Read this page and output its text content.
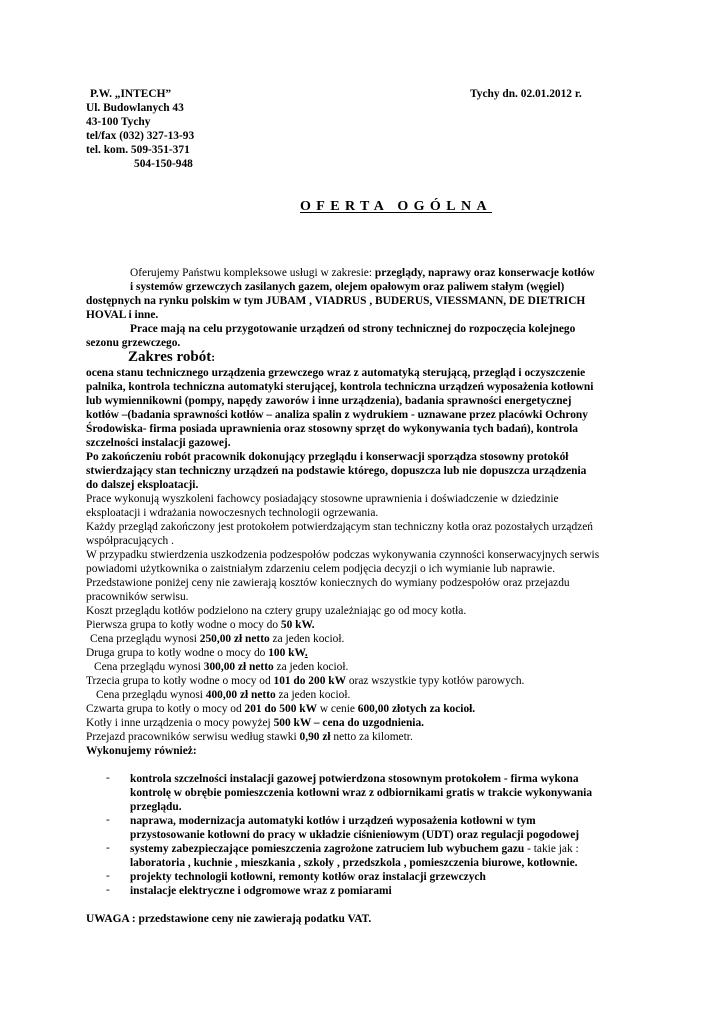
P.W. „INTECH”	Tychy dn. 02.01.2012 r.
Ul. Budowlanych 43
43-100 Tychy
tel/fax (032) 327-13-93
tel. kom. 509-351-371
504-150-948
OFERTA OGÓLNA
Oferujemy Państwu kompleksowe usługi w zakresie: przeglądy, naprawy oraz konserwacje kotłów
i systemów grzewczych zasilanych gazem, olejem opałowym oraz paliwem stałym (węgiel)
dostępnych na rynku polskim w tym JUBAM , VIADRUS , BUDERUS, VIESSMANN, DE DIETRICH
HOVAL i inne.
Prace mają na celu przygotowanie urządzeń od strony technicznej do rozpoczęcia kolejnego
sezonu grzewczego.
Zakres robót:
ocena stanu technicznego urządzenia grzewczego wraz z automatyką sterującą, przegląd i oczyszczenie
palnika, kontrola techniczna automatyki sterującej, kontrola techniczna urządzeń wyposażenia kotłowni
lub wymiennikowni (pompy, napędy zaworów i inne urządzenia), badania sprawności energetycznej
kotłów –(badania sprawności kotłów – analiza spalin z wydrukiem - uznawane przez placówki Ochrony
Środowiska- firma posiada uprawnienia oraz stosowny sprzęt do wykonywania tych badań), kontrola
szczelności instalacji gazowej.
Po zakończeniu robót pracownik dokonujący przeglądu i konserwacji sporządza stosowny protokół
stwierdzający stan techniczny urządzeń na podstawie którego, dopuszcza lub nie dopuszcza urządzenia
do dalszej eksploatacji.
Prace wykonują wyszkoleni fachowcy posiadający stosowne uprawnienia i doświadczenie w dziedzinie
eksploatacji i wdrażania nowoczesnych technologii ogrzewania.
Każdy przegląd zakończony jest protokołem potwierdzającym stan techniczny kotła oraz pozostałych urządzeń
współpracujących .
W przypadku stwierdzenia uszkodzenia podzespołów podczas wykonywania czynności konserwacyjnych serwis
powiadomi użytkownika o zaistniałym zdarzeniu celem podjęcia decyzji o ich wymianie lub naprawie.
Przedstawione poniżej ceny nie zawierają kosztów koniecznych do wymiany podzespołów oraz przejazdu
pracowników serwisu.
Koszt przeglądu kotłów podzielono na cztery grupy uzależniając go od mocy kotła.
Pierwsza grupa to kotły wodne o mocy do 50 kW.
Cena przeglądu wynosi 250,00 zł netto za jeden kocioł.
Druga grupa to kotły wodne o mocy do 100 kW.
Cena przeglądu wynosi 300,00 zł netto za jeden kocioł.
Trzecia grupa to kotły wodne o mocy od 101 do 200 kW oraz wszystkie typy kotłów parowych.
Cena przeglądu wynosi 400,00 zł netto za jeden kocioł.
Czwarta grupa to kotły o mocy od 201 do 500 kW w cenie 600,00 złotych za kocioł.
Kotły i inne urządzenia o mocy powyżej 500 kW – cena do uzgodnienia.
Przejazd pracowników serwisu według stawki 0,90 zł netto za kilometr.
Wykonujemy również:
- kontrola szczelności instalacji gazowej potwierdzona stosownym protokołem - firma wykona
kontrolę w obrębie pomieszczenia kotłowni wraz z odbiornikami gratis w trakcie wykonywania
przeglądu.
- naprawa, modernizacja automatyki kotłów i urządzeń wyposażenia kotłowni w tym
przystosowanie kotłowni do pracy w układzie ciśnieniowym (UDT) oraz regulacji pogodowej
- systemy zabezpieczające pomieszczenia zagrożone zatruciem lub wybuchem gazu - takie jak :
laboratoria , kuchnie , mieszkania , szkoły , przedszkola , pomieszczenia biurowe, kotłownie.
- projekty technologii kotłowni, remonty kotłów oraz instalacji grzewczych
- instalacje elektryczne i odgromowe wraz z pomiarami
UWAGA : przedstawione ceny nie zawierają podatku VAT.
